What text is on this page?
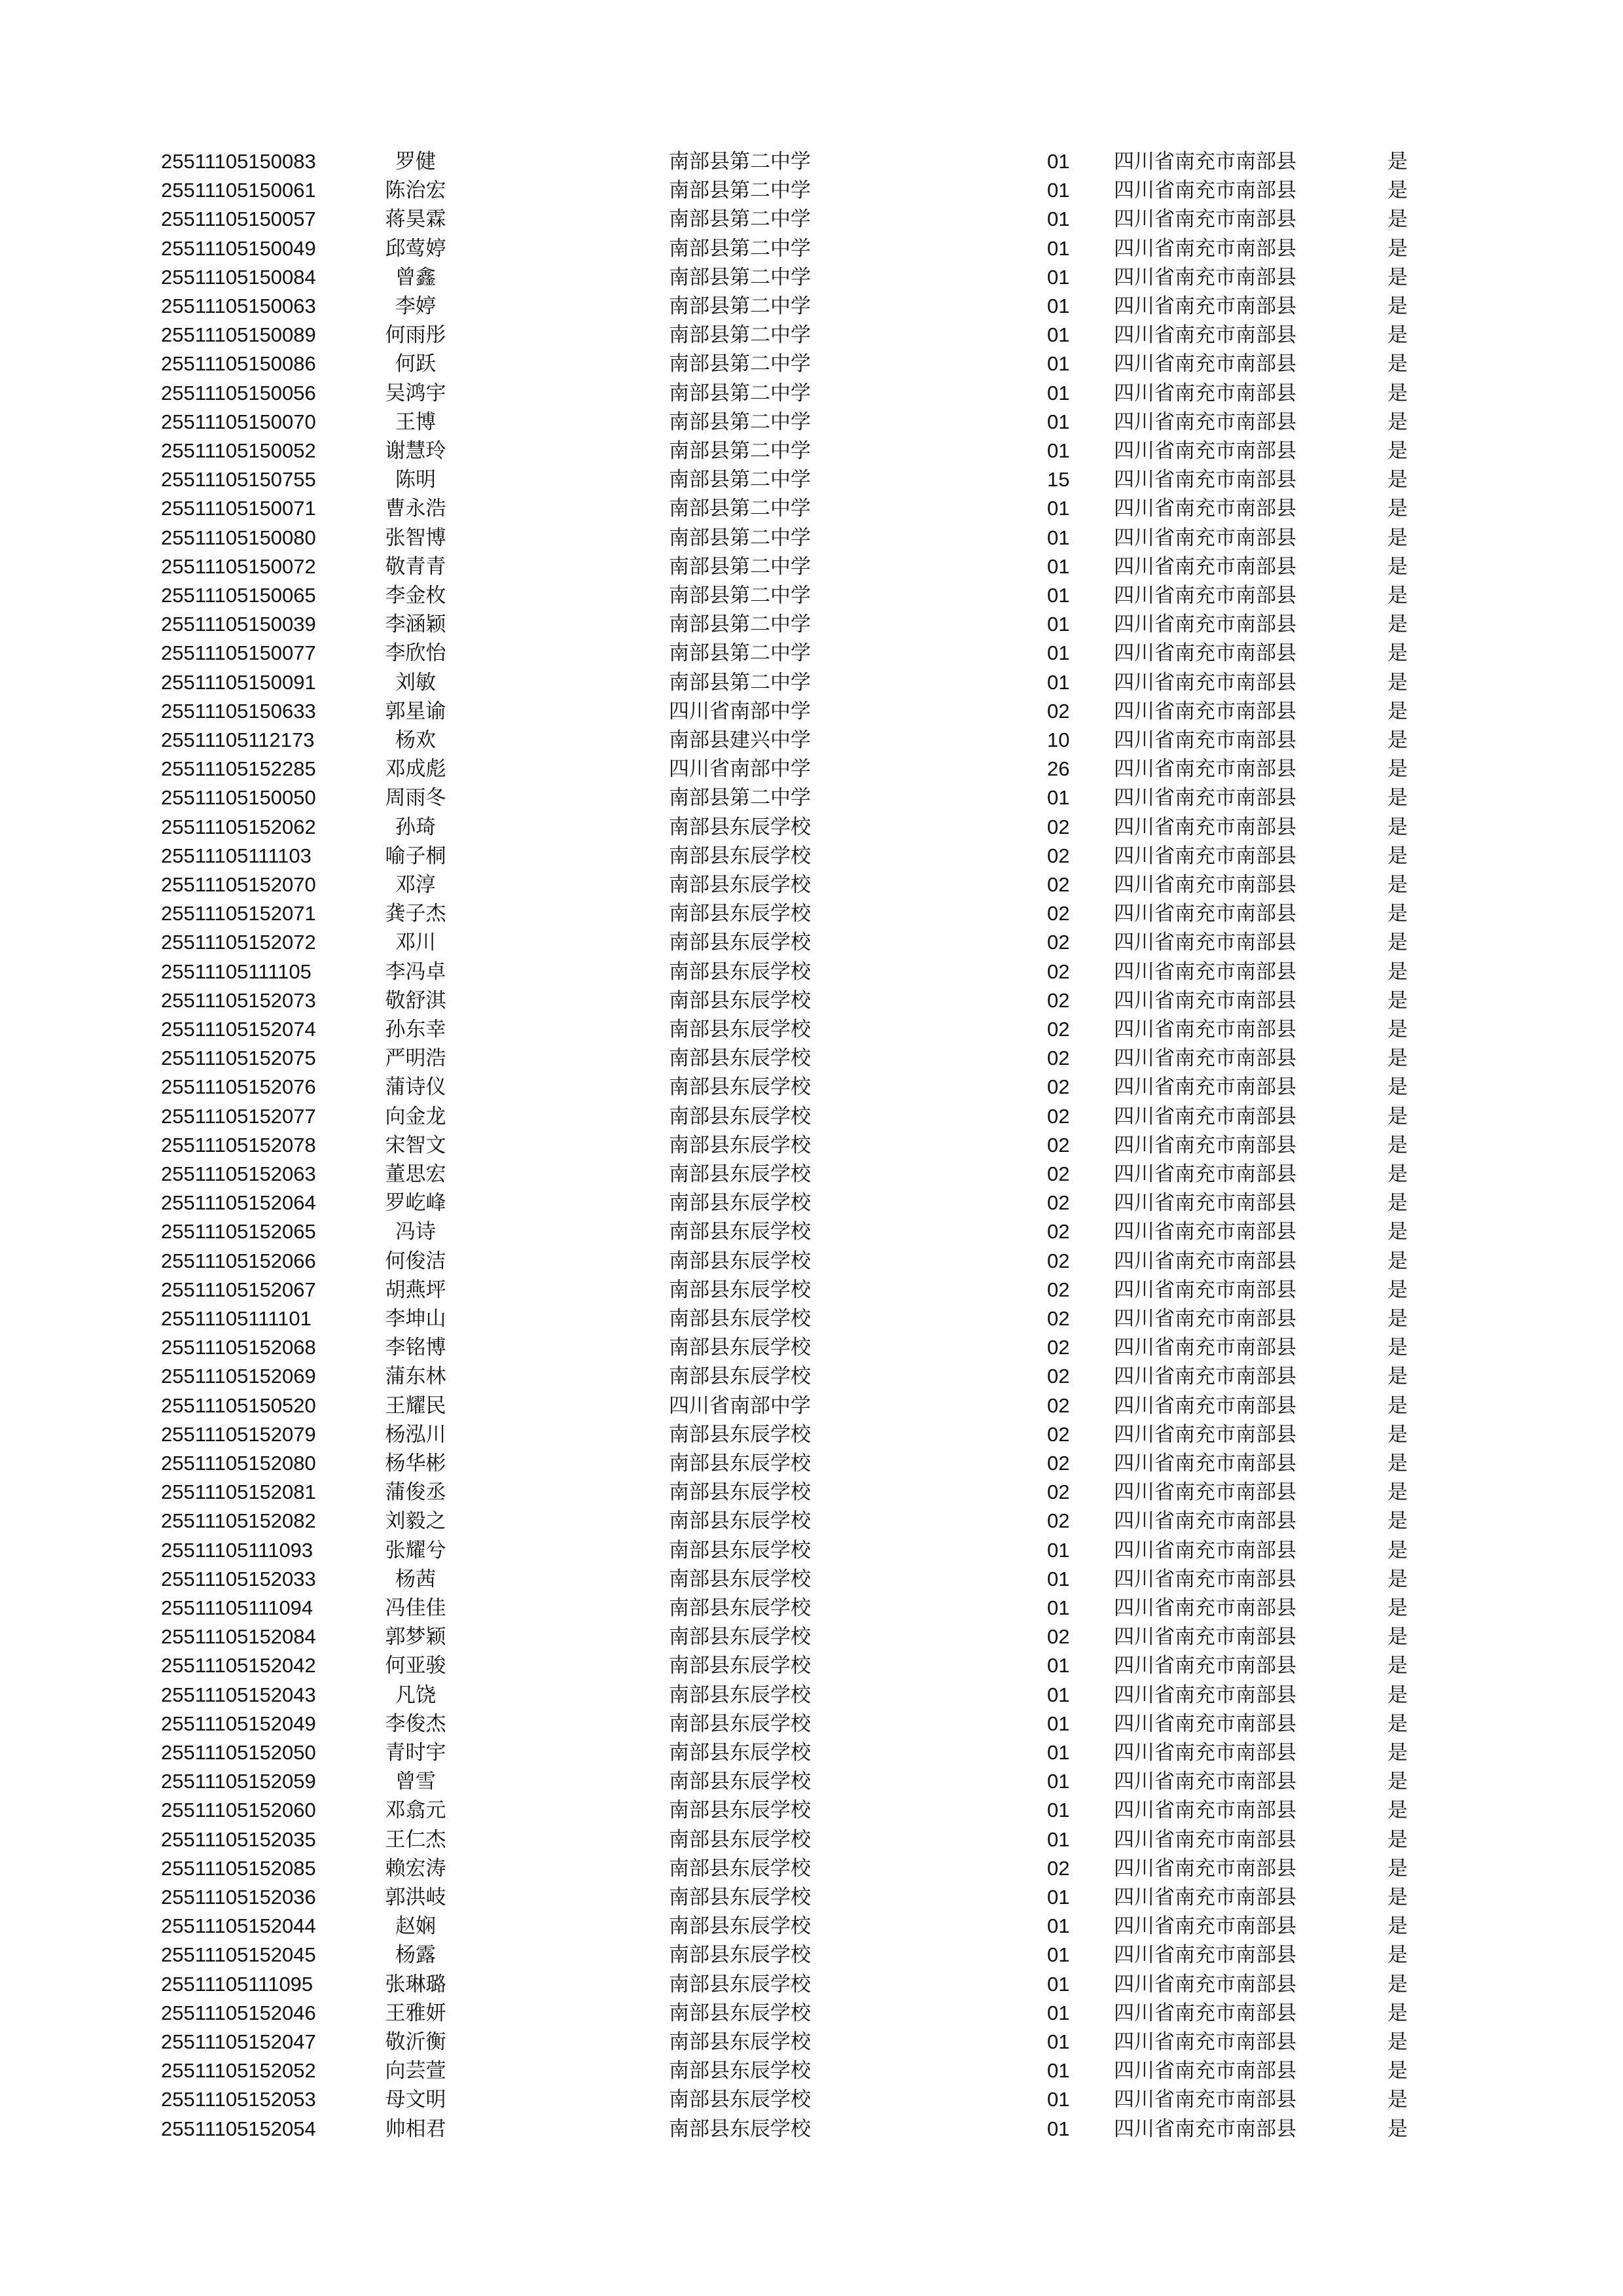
25511105150083	罗健	南部县第二中学	01	四川省南充市南部县	是
25511105150061	陈治宏	南部县第二中学	01	四川省南充市南部县	是
25511105150057	蒋昊霖	南部县第二中学	01	四川省南充市南部县	是
25511105150049	邱莺婷	南部县第二中学	01	四川省南充市南部县	是
25511105150084	曾鑫	南部县第二中学	01	四川省南充市南部县	是
25511105150063	李婷	南部县第二中学	01	四川省南充市南部县	是
25511105150089	何雨彤	南部县第二中学	01	四川省南充市南部县	是
25511105150086	何跃	南部县第二中学	01	四川省南充市南部县	是
25511105150056	吴鸿宇	南部县第二中学	01	四川省南充市南部县	是
25511105150070	王博	南部县第二中学	01	四川省南充市南部县	是
25511105150052	谢慧玲	南部县第二中学	01	四川省南充市南部县	是
25511105150755	陈明	南部县第二中学	15	四川省南充市南部县	是
25511105150071	曹永浩	南部县第二中学	01	四川省南充市南部县	是
25511105150080	张智博	南部县第二中学	01	四川省南充市南部县	是
25511105150072	敬青青	南部县第二中学	01	四川省南充市南部县	是
25511105150065	李金枚	南部县第二中学	01	四川省南充市南部县	是
25511105150039	李涵颖	南部县第二中学	01	四川省南充市南部县	是
25511105150077	李欣怡	南部县第二中学	01	四川省南充市南部县	是
25511105150091	刘敏	南部县第二中学	01	四川省南充市南部县	是
25511105150633	郭星谕	四川省南部中学	02	四川省南充市南部县	是
25511105112173	杨欢	南部县建兴中学	10	四川省南充市南部县	是
25511105152285	邓成彪	四川省南部中学	26	四川省南充市南部县	是
25511105150050	周雨冬	南部县第二中学	01	四川省南充市南部县	是
25511105152062	孙琦	南部县东辰学校	02	四川省南充市南部县	是
25511105111103	喻子桐	南部县东辰学校	02	四川省南充市南部县	是
25511105152070	邓淳	南部县东辰学校	02	四川省南充市南部县	是
25511105152071	龚子杰	南部县东辰学校	02	四川省南充市南部县	是
25511105152072	邓川	南部县东辰学校	02	四川省南充市南部县	是
25511105111105	李冯卓	南部县东辰学校	02	四川省南充市南部县	是
25511105152073	敬舒淇	南部县东辰学校	02	四川省南充市南部县	是
25511105152074	孙东幸	南部县东辰学校	02	四川省南充市南部县	是
25511105152075	严明浩	南部县东辰学校	02	四川省南充市南部县	是
25511105152076	蒲诗仪	南部县东辰学校	02	四川省南充市南部县	是
25511105152077	向金龙	南部县东辰学校	02	四川省南充市南部县	是
25511105152078	宋智文	南部县东辰学校	02	四川省南充市南部县	是
25511105152063	董思宏	南部县东辰学校	02	四川省南充市南部县	是
25511105152064	罗屹峰	南部县东辰学校	02	四川省南充市南部县	是
25511105152065	冯诗	南部县东辰学校	02	四川省南充市南部县	是
25511105152066	何俊洁	南部县东辰学校	02	四川省南充市南部县	是
25511105152067	胡燕坪	南部县东辰学校	02	四川省南充市南部县	是
25511105111101	李坤山	南部县东辰学校	02	四川省南充市南部县	是
25511105152068	李铭博	南部县东辰学校	02	四川省南充市南部县	是
25511105152069	蒲东林	南部县东辰学校	02	四川省南充市南部县	是
25511105150520	王耀民	四川省南部中学	02	四川省南充市南部县	是
25511105152079	杨泓川	南部县东辰学校	02	四川省南充市南部县	是
25511105152080	杨华彬	南部县东辰学校	02	四川省南充市南部县	是
25511105152081	蒲俊丞	南部县东辰学校	02	四川省南充市南部县	是
25511105152082	刘毅之	南部县东辰学校	02	四川省南充市南部县	是
25511105111093	张耀兮	南部县东辰学校	01	四川省南充市南部县	是
25511105152033	杨茜	南部县东辰学校	01	四川省南充市南部县	是
25511105111094	冯佳佳	南部县东辰学校	01	四川省南充市南部县	是
25511105152084	郭梦颖	南部县东辰学校	02	四川省南充市南部县	是
25511105152042	何亚骏	南部县东辰学校	01	四川省南充市南部县	是
25511105152043	凡饶	南部县东辰学校	01	四川省南充市南部县	是
25511105152049	李俊杰	南部县东辰学校	01	四川省南充市南部县	是
25511105152050	青时宇	南部县东辰学校	01	四川省南充市南部县	是
25511105152059	曾雪	南部县东辰学校	01	四川省南充市南部县	是
25511105152060	邓翕元	南部县东辰学校	01	四川省南充市南部县	是
25511105152035	王仁杰	南部县东辰学校	01	四川省南充市南部县	是
25511105152085	赖宏涛	南部县东辰学校	02	四川省南充市南部县	是
25511105152036	郭洪岐	南部县东辰学校	01	四川省南充市南部县	是
25511105152044	赵娴	南部县东辰学校	01	四川省南充市南部县	是
25511105152045	杨露	南部县东辰学校	01	四川省南充市南部县	是
25511105111095	张琳璐	南部县东辰学校	01	四川省南充市南部县	是
25511105152046	王雅妍	南部县东辰学校	01	四川省南充市南部县	是
25511105152047	敬沂衡	南部县东辰学校	01	四川省南充市南部县	是
25511105152052	向芸萱	南部县东辰学校	01	四川省南充市南部县	是
25511105152053	母文明	南部县东辰学校	01	四川省南充市南部县	是
25511105152054	帅相君	南部县东辰学校	01	四川省南充市南部县	是
